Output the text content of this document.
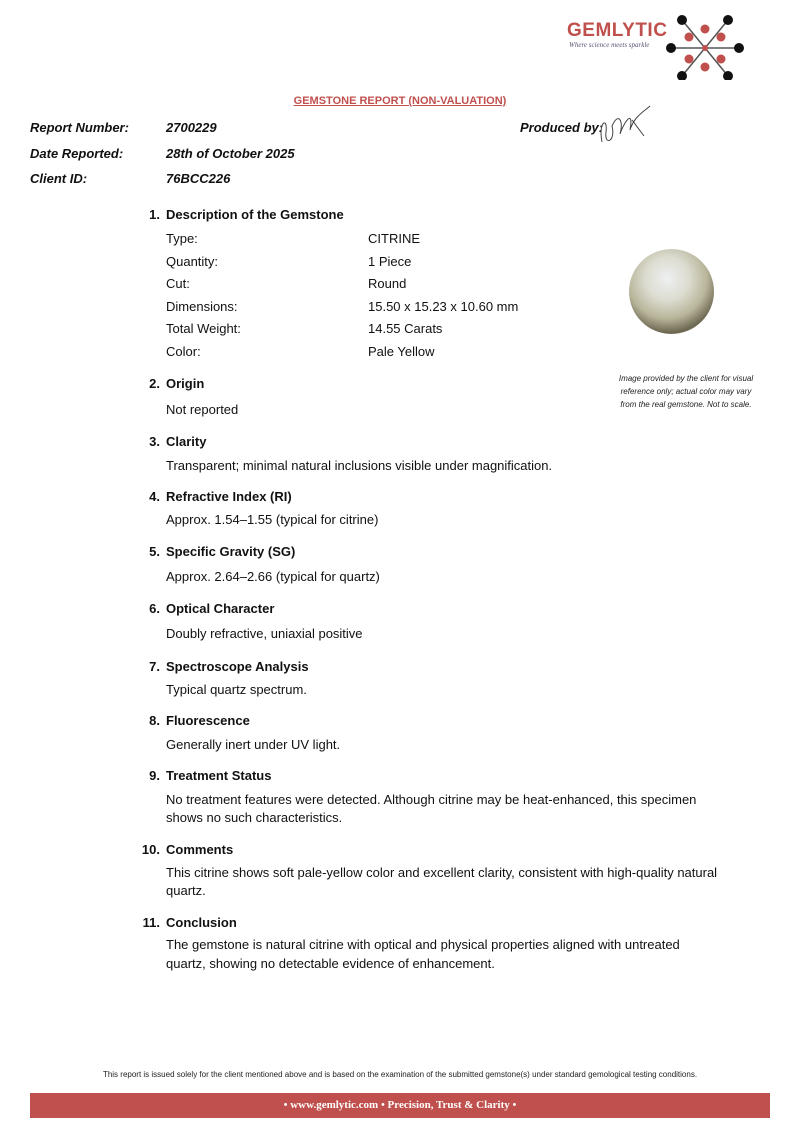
GEMLYTIC
Where science meets sparkle
GEMSTONE REPORT (NON-VALUATION)
Report Number:	2700229	Produced by:
Date Reported:	28th of October 2025
Client ID:	76BCC226
1. Description of the Gemstone
Type:	CITRINE
Quantity:	1 Piece
Cut:	Round
Dimensions:	15.50 x 15.23 x 10.60 mm
Total Weight:	14.55 Carats
Color:	Pale Yellow
Image provided by the client for visual
reference only; actual color may vary
from the real gemstone. Not to scale.
2. Origin
Not reported
3. Clarity
Transparent; minimal natural inclusions visible under magnification.
4. Refractive Index (RI)
Approx. 1.54–1.55 (typical for citrine)
5. Specific Gravity (SG)
Approx. 2.64–2.66 (typical for quartz)
6. Optical Character
Doubly refractive, uniaxial positive
7. Spectroscope Analysis
Typical quartz spectrum.
8. Fluorescence
Generally inert under UV light.
9. Treatment Status
No treatment features were detected. Although citrine may be heat-enhanced, this specimen
shows no such characteristics.
10. Comments
This citrine shows soft pale-yellow color and excellent clarity, consistent with high-quality natural
quartz.
11. Conclusion
The gemstone is natural citrine with optical and physical properties aligned with untreated
quartz, showing no detectable evidence of enhancement.
This report is issued solely for the client mentioned above and is based on the examination of the submitted gemstone(s) under standard gemological testing conditions.
• www.gemlytic.com • Precision, Trust & Clarity •
